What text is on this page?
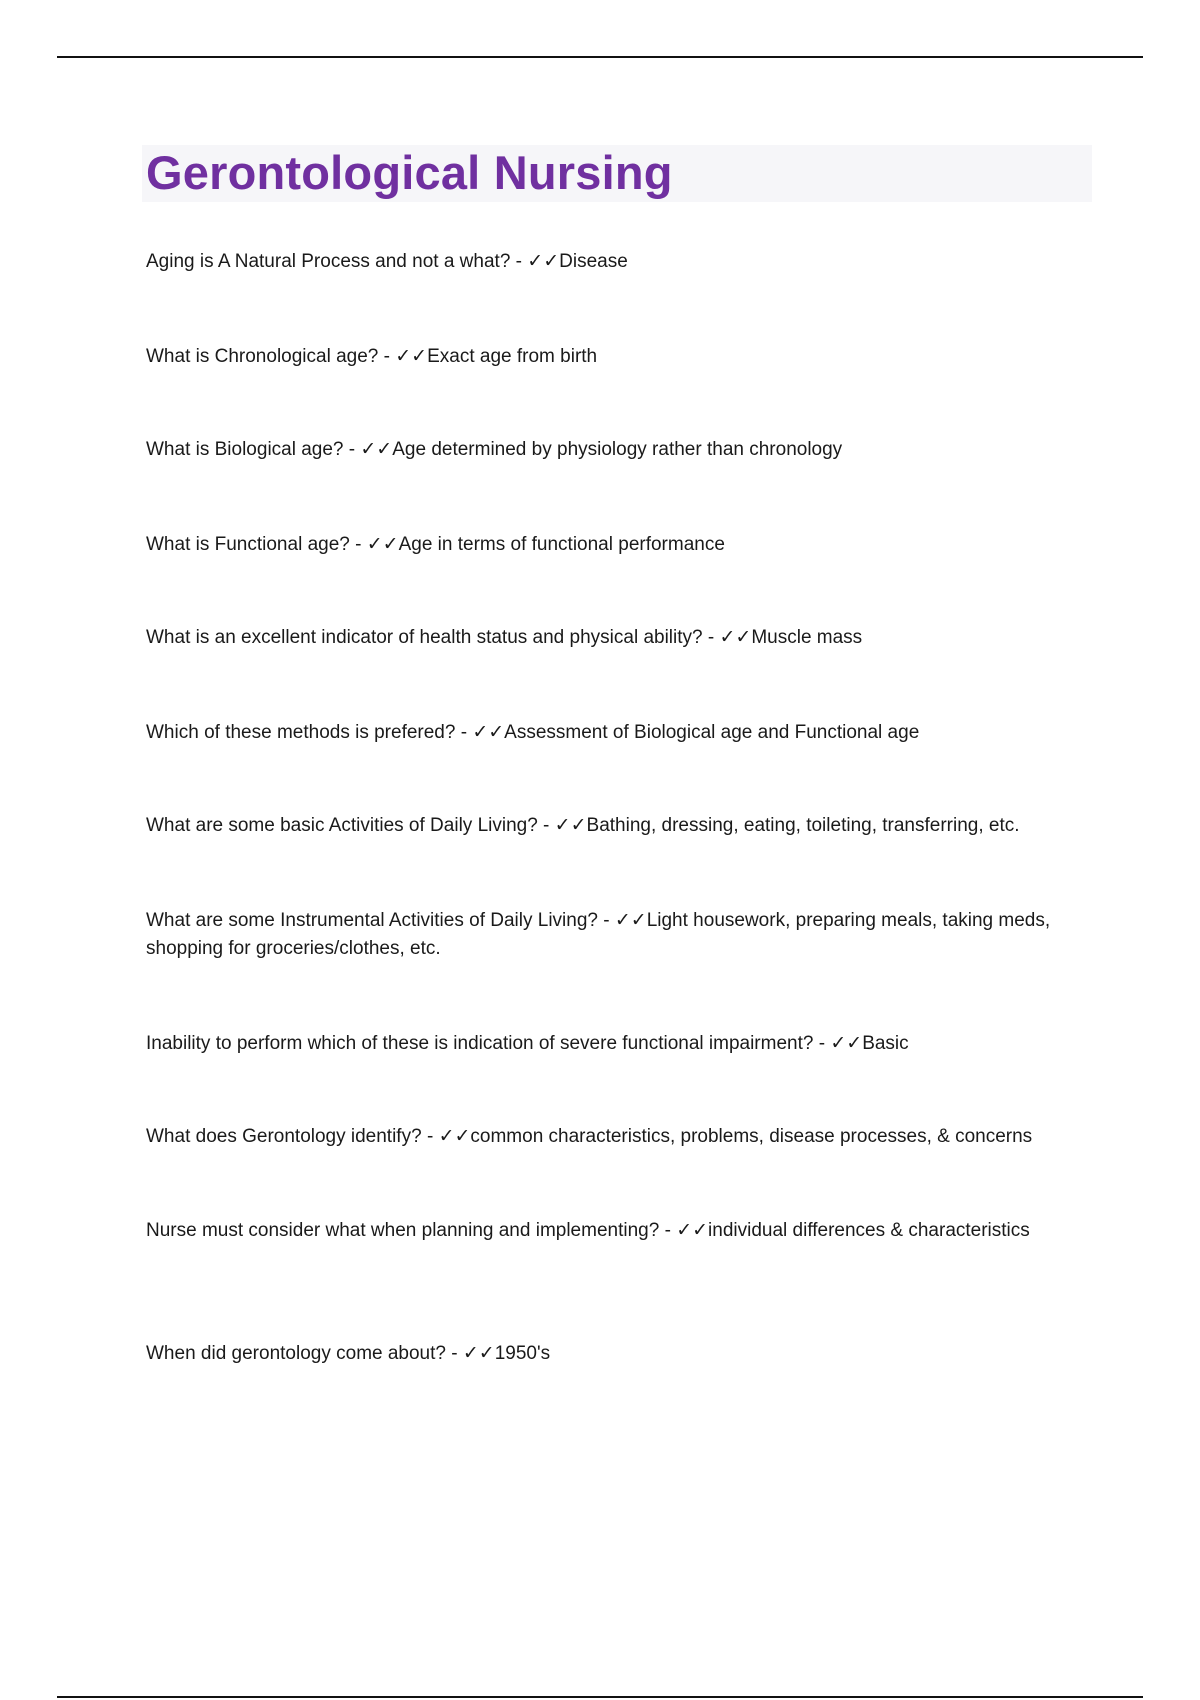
Gerontological Nursing
Aging is A Natural Process and not a what? - ✓✓Disease
What is Chronological age? - ✓✓Exact age from birth
What is Biological age? - ✓✓Age determined by physiology rather than chronology
What is Functional age? - ✓✓Age in terms of functional performance
What is an excellent indicator of health status and physical ability? - ✓✓Muscle mass
Which of these methods is prefered? - ✓✓Assessment of Biological age and Functional age
What are some basic Activities of Daily Living? - ✓✓Bathing, dressing, eating, toileting, transferring, etc.
What are some Instrumental Activities of Daily Living? - ✓✓Light housework, preparing meals, taking meds, shopping for groceries/clothes, etc.
Inability to perform which of these is indication of severe functional impairment? - ✓✓Basic
What does Gerontology identify? - ✓✓common characteristics, problems, disease processes, & concerns
Nurse must consider what when planning and implementing? - ✓✓individual differences & characteristics
When did gerontology come about? - ✓✓1950's
